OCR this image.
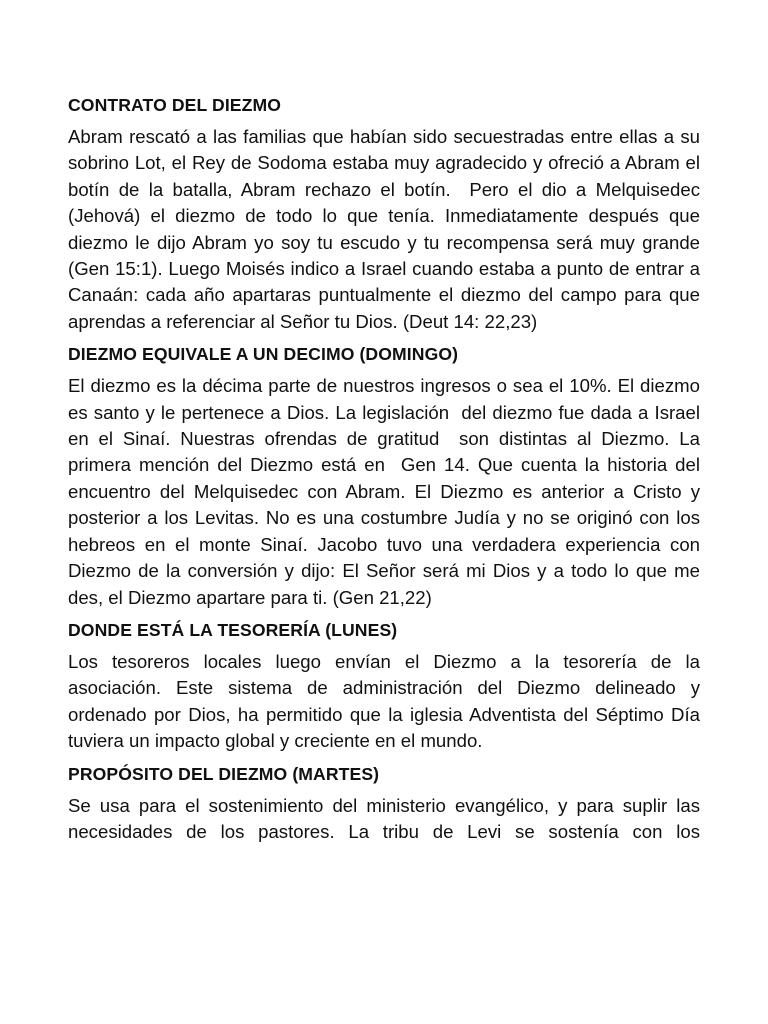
CONTRATO DEL DIEZMO
Abram rescató a las familias que habían sido secuestradas entre ellas a su sobrino Lot, el Rey de Sodoma estaba muy agradecido y ofreció a Abram el botín de la batalla, Abram rechazo el botín.  Pero el dio a Melquisedec (Jehová) el diezmo de todo lo que tenía. Inmediatamente después que diezmo le dijo Abram yo soy tu escudo y tu recompensa será muy grande (Gen 15:1). Luego Moisés indico a Israel cuando estaba a punto de entrar a Canaán: cada año apartaras puntualmente el diezmo del campo para que aprendas a referenciar al Señor tu Dios. (Deut 14: 22,23)
DIEZMO EQUIVALE A UN DECIMO (DOMINGO)
El diezmo es la décima parte de nuestros ingresos o sea el 10%. El diezmo es santo y le pertenece a Dios. La legislación  del diezmo fue dada a Israel en el Sinaí. Nuestras ofrendas de gratitud  son distintas al Diezmo. La primera mención del Diezmo está en  Gen 14. Que cuenta la historia del encuentro del Melquisedec con Abram. El Diezmo es anterior a Cristo y posterior a los Levitas. No es una costumbre Judía y no se originó con los hebreos en el monte Sinaí. Jacobo tuvo una verdadera experiencia con Diezmo de la conversión y dijo: El Señor será mi Dios y a todo lo que me des, el Diezmo apartare para ti. (Gen 21,22)
DONDE ESTÁ LA TESORERÍA (LUNES)
Los tesoreros locales luego envían el Diezmo a la tesorería de la asociación. Este sistema de administración del Diezmo delineado y ordenado por Dios, ha permitido que la iglesia Adventista del Séptimo Día tuviera un impacto global y creciente en el mundo.
PROPÓSITO DEL DIEZMO (MARTES)
Se usa para el sostenimiento del ministerio evangélico, y para suplir las necesidades de los pastores. La tribu de Levi se sostenía con los
